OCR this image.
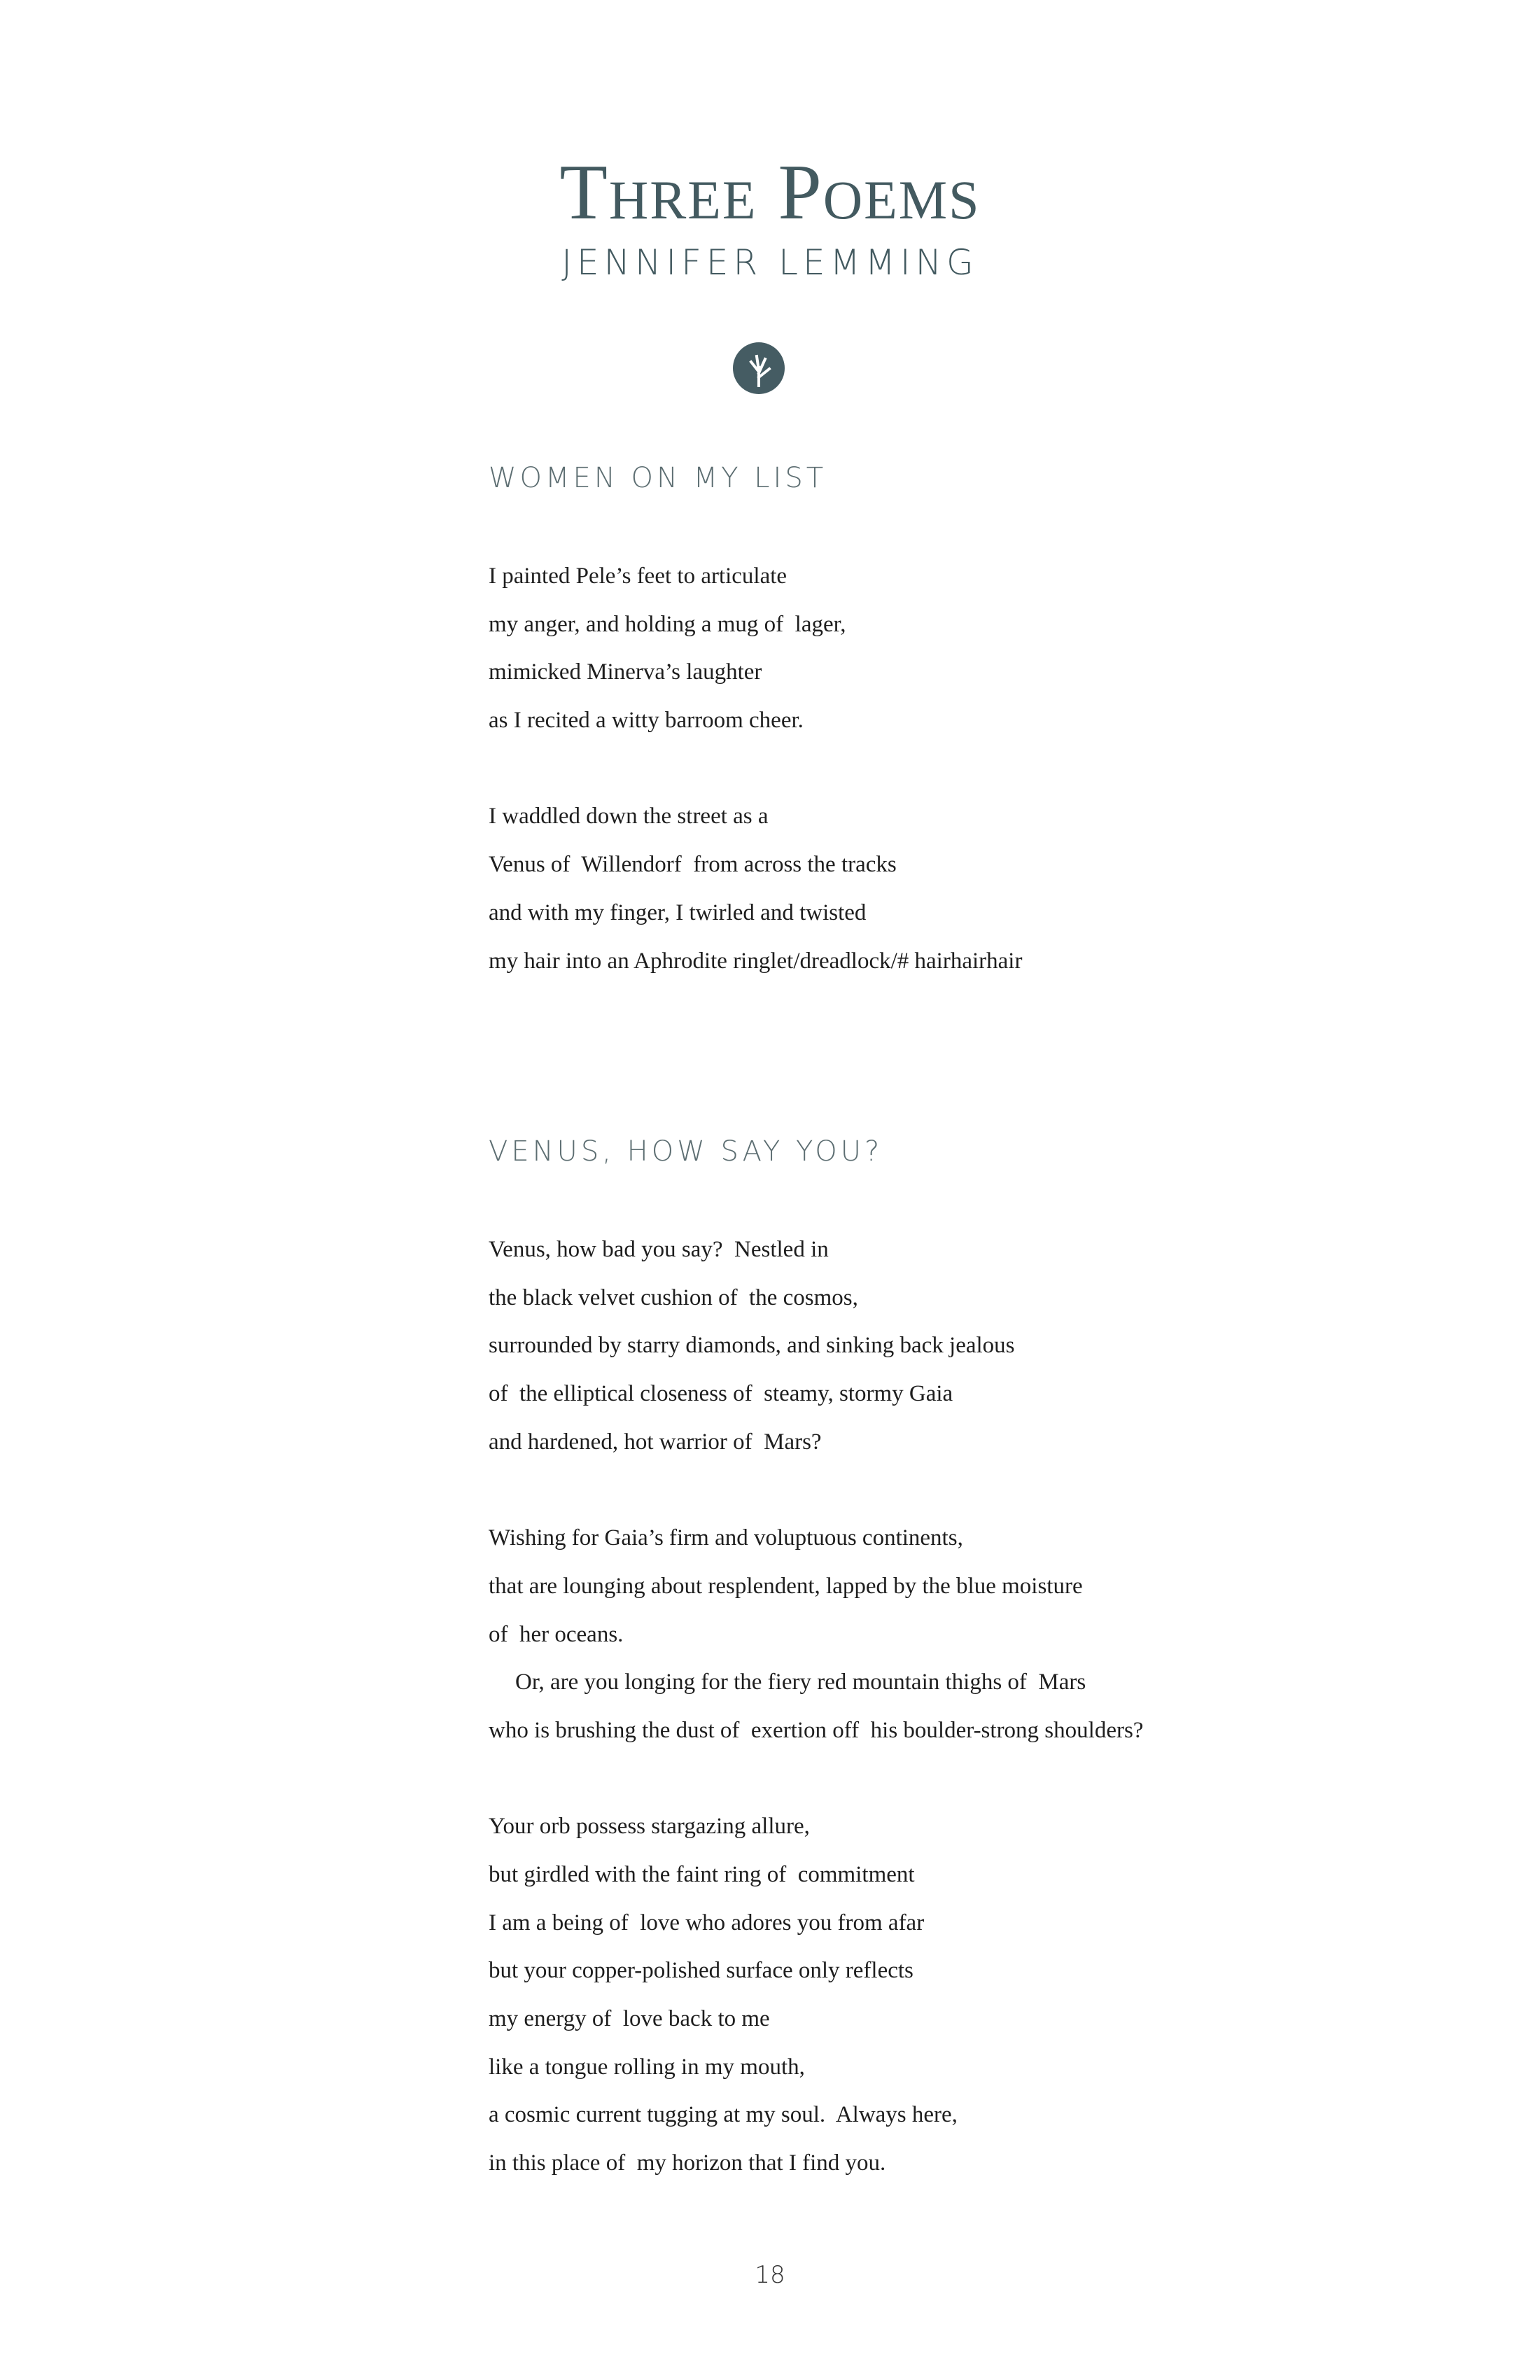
Three Poems
JENNIFER LEMMING
WOMEN ON MY LIST
I painted Pele’s feet to articulate
my anger, and holding a mug of  lager,
mimicked Minerva’s laughter
as I recited a witty barroom cheer.
I waddled down the street as a
Venus of  Willendorf  from across the tracks
and with my finger, I twirled and twisted
my hair into an Aphrodite ringlet/dreadlock/# hairhairhair
VENUS, HOW SAY YOU?
Venus, how bad you say?  Nestled in
the black velvet cushion of  the cosmos,
surrounded by starry diamonds, and sinking back jealous
of  the elliptical closeness of  steamy, stormy Gaia
and hardened, hot warrior of  Mars?
Wishing for Gaia’s firm and voluptuous continents,
that are lounging about resplendent, lapped by the blue moisture
of  her oceans.
Or, are you longing for the fiery red mountain thighs of  Mars
who is brushing the dust of  exertion off  his boulder-strong shoulders?
Your orb possess stargazing allure,
but girdled with the faint ring of  commitment
I am a being of  love who adores you from afar
but your copper-polished surface only reflects
my energy of  love back to me
like a tongue rolling in my mouth,
a cosmic current tugging at my soul.  Always here,
in this place of  my horizon that I find you.
18
